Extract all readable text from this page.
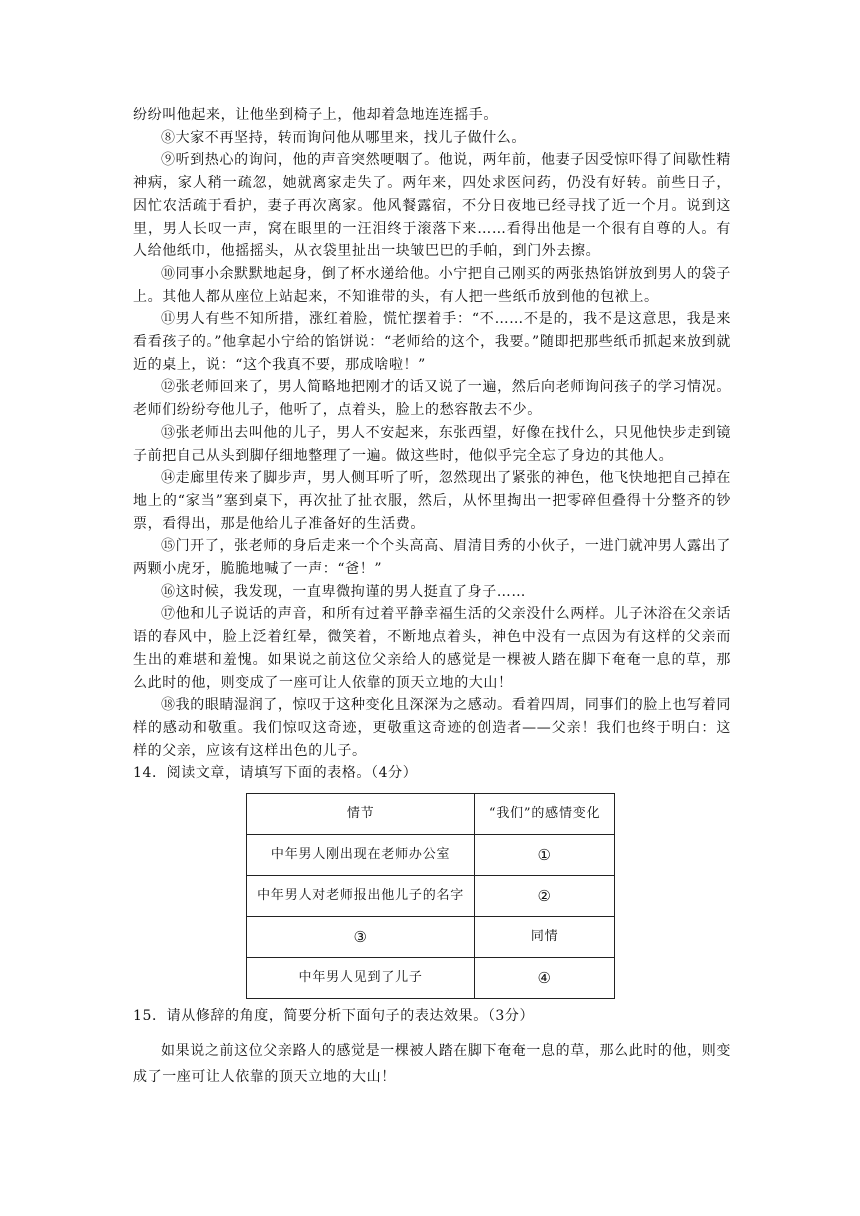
纷纷叫他起来，让他坐到椅子上，他却着急地连连摇手。

⑧大家不再坚持，转而询问他从哪里来，找儿子做什么。

⑨听到热心的询问，他的声音突然哽咽了。他说，两年前，他妻子因受惊吓得了间歇性精神病，家人稍一疏忽，她就离家走失了。两年来，四处求医问药，仍没有好转。前些日子，因忙农活疏于看护，妻子再次离家。他风餐露宿，不分日夜地已经寻找了近一个月。说到这里，男人长叹一声，窝在眼里的一汪泪终于滚落下来……看得出他是一个很有自尊的人。有人给他纸巾，他摇摇头，从衣袋里扯出一块皱巴巴的手帕，到门外去擦。

⑩同事小余默默地起身，倒了杯水递给他。小宁把自己刚买的两张热馅饼放到男人的袋子上。其他人都从座位上站起来，不知谁带的头，有人把一些纸币放到他的包袱上。

⑪男人有些不知所措，涨红着脸，慌忙摆着手：“不……不是的，我不是这意思，我是来看看孩子的。”他拿起小宁给的馅饼说：“老师给的这个，我要。”随即把那些纸币抓起来放到就近的桌上，说：“这个我真不要，那成啥啦！”

⑫张老师回来了，男人简略地把刚才的话又说了一遍，然后向老师询问孩子的学习情况。老师们纷纷夸他儿子，他听了，点着头，脸上的愁容散去不少。

⑬张老师出去叫他的儿子，男人不安起来，东张西望，好像在找什么，只见他快步走到镜子前把自己从头到脚仔细地整理了一遍。做这些时，他似乎完全忘了身边的其他人。

⑭走廊里传来了脚步声，男人侧耳听了听，忽然现出了紧张的神色，他飞快地把自己掉在地上的“家当”塞到桌下，再次扯了扯衣服，然后，从怀里掏出一把零碎但叠得十分整齐的钞票，看得出，那是他给儿子准备好的生活费。

⑮门开了，张老师的身后走来一个个头高高、眉清目秀的小伙子，一进门就冲男人露出了两颗小虎牙，脆脆地喊了一声：“爸！”

⑯这时候，我发现，一直卑微拘谨的男人挺直了身子……

⑰他和儿子说话的声音，和所有过着平静幸福生活的父亲没什么两样。儿子沐浴在父亲话语的春风中，脸上泛着红晕，微笑着，不断地点着头，神色中没有一点因为有这样的父亲而生出的难堪和羞愧。如果说之前这位父亲给人的感觉是一棵被人踏在脚下奄奄一息的草，那么此时的他，则变成了一座可让人依靠的顶天立地的大山！

⑱我的眼睛湿润了，惊叹于这种变化且深深为之感动。看着四周，同事们的脸上也写着同样的感动和敬重。我们惊叹这奇迹，更敬重这奇迹的创造者——父亲！我们也终于明白：这样的父亲，应该有这样出色的儿子。

14．阅读文章，请填写下面的表格。（4分）

情节	“我们”的感情变化
中年男人刚出现在老师办公室	①
中年男人对老师报出他儿子的名字	②
③	同情
中年男人见到了儿子	④

15．请从修辞的角度，简要分析下面句子的表达效果。（3分）

如果说之前这位父亲路人的感觉是一棵被人踏在脚下奄奄一息的草，那么此时的他，则变成了一座可让人依靠的顶天立地的大山！
